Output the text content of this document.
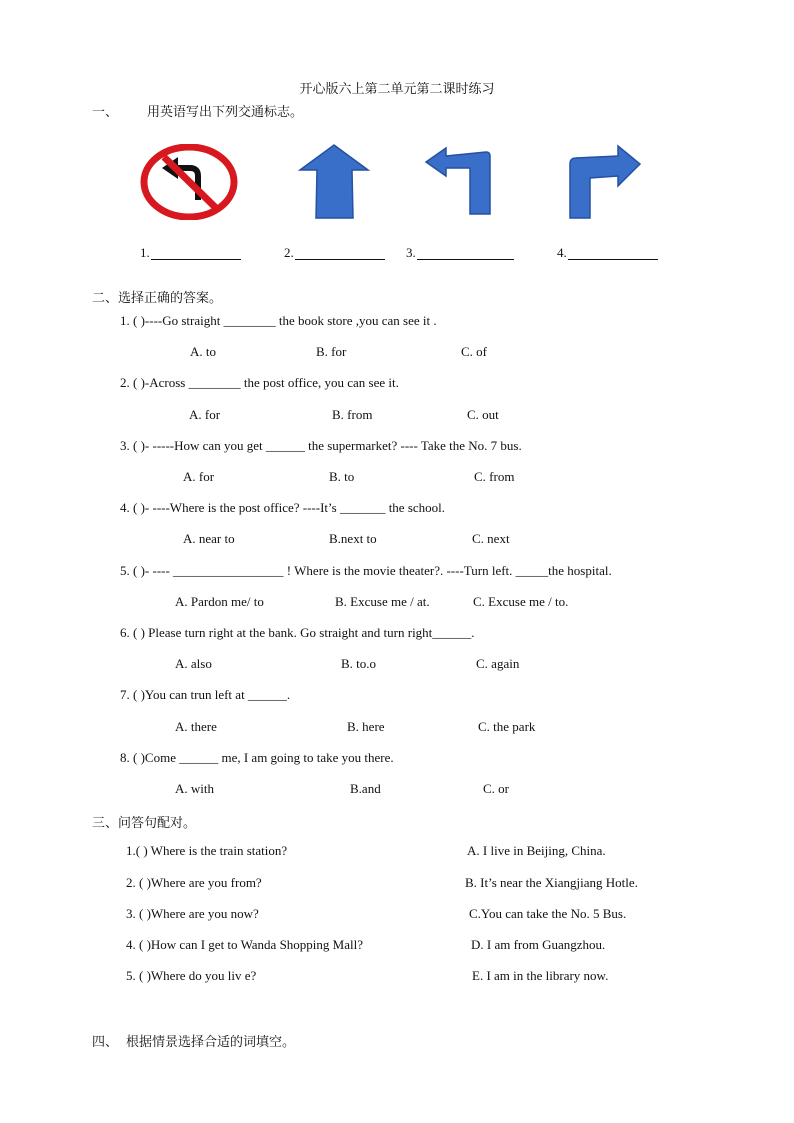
开心版六上第二单元第二课时练习
一、 用英语写出下列交通标志。
1.	2.	3.	4.
二、选择正确的答案。
1. ( )----Go straight ________ the book store ,you can see it .
A. to	B. for	C. of
2. ( )-Across ________ the post office, you can see it.
A. for	B. from	C. out
3. ( )- -----How can you get ______ the supermarket? ---- Take the No. 7 bus.
A. for	B. to	C. from
4. ( )- ----Where is the post office? ----It’s _______ the school.
A. near to	B.next to	C. next
5. ( )- ---- _________________ ! Where is the movie theater?. ----Turn left. _____the hospital.
A. Pardon me/ to	B. Excuse me / at.	C. Excuse me / to.
6. ( ) Please turn right at the bank. Go straight and turn right______.
A. also	B. to.o	C. again
7. ( )You can trun left at ______.
A. there	B. here	C. the park
8. ( )Come ______ me, I am going to take you there.
A. with	B.and	C. or
三、问答句配对。
1.( ) Where is the train station?	A. I live in Beijing, China.
2. ( )Where are you from?	B. It’s near the Xiangjiang Hotle.
3. ( )Where are you now?	C.You can take the No. 5 Bus.
4. ( )How can I get to Wanda Shopping Mall?	D. I am from Guangzhou.
5. ( )Where do you liv e?	E. I am in the library now.
四、 根据情景选择合适的词填空。
